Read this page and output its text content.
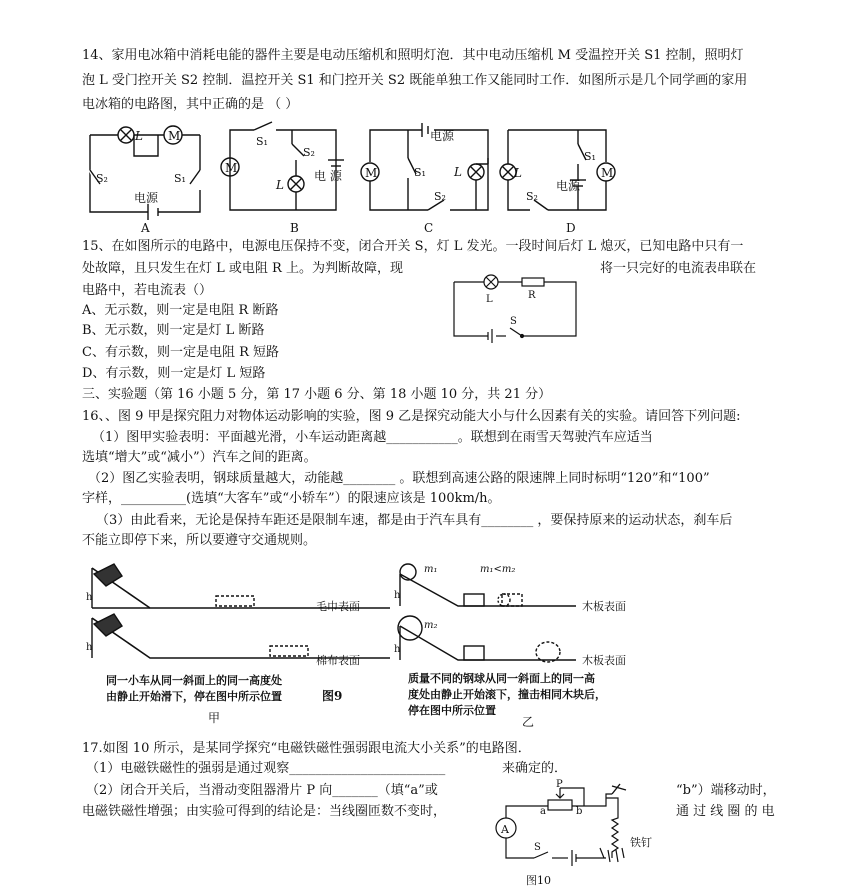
14、家用电冰箱中消耗电能的器件主要是电动压缩机和照明灯泡．其中电动压缩机 M 受温控开关 S1 控制，照明灯
泡 L 受门控开关 S2 控制．温控开关 S1 和门控开关 S2 既能单独工作又能同时工作．如图所示是几个同学画的家用
电冰箱的电路图，其中正确的是 （ ）
L M
S₂	S₁
电源
A
M
S₁
S₂
L
电 源
B
M
电源
S₁ L
S₂
C
L	M
S₁
电源
S₂
D
15、在如图所示的电路中，电源电压保持不变，闭合开关 S，灯 L 发光。一段时间后灯 L 熄灭，已知电路中只有一
处故障，且只发生在灯 L 或电阻 R 上。为判断故障，现	将一只完好的电流表串联在
电路中，若电流表（）
A、无示数，则一定是电阻 R 断路
B、无示数，则一定是灯 L 断路
C、有示数，则一定是电阻 R 短路
D、有示数，则一定是灯 L 短路
L	R
S
三、实验题（第 16 小题 5 分，第 17 小题 6 分、第 18 小题 10 分，共 21 分）
16、、图 9 甲是探究阻力对物体运动影响的实验，图 9 乙是探究动能大小与什么因素有关的实验。请回答下列问题:
（1）图甲实验表明：平面越光滑，小车运动距离越___________。联想到在雨雪天驾驶汽车应适当
选填“增大”或“减小”）汽车之间的距离。
（2）图乙实验表明，钢球质量越大，动能越________ 。联想到高速公路的限速牌上同时标明“120”和“100”
字样，__________(选填“大客车”或“小轿车”）的限速应该是 100km/h。
（3）由此看来，无论是保持车距还是限制车速，都是由于汽车具有________ ，要保持原来的运动状态，刹车后
不能立即停下来，所以要遵守交通规则。
h
毛巾表面
h
棉布表面
h
m₁	m₁<m₂
木板表面
h
m₂
木板表面
同一小车从同一斜面上的同一高度处
由静止开始滑下，停在图中所示位置	图9
甲
质量不同的钢球从同一斜面上的同一高
度处由静止开始滚下，撞击相同木块后，
停在图中所示位置
乙
17.如图 10 所示，是某同学探究“电磁铁磁性强弱跟电流大小关系”的电路图．
（1）电磁铁磁性的强弱是通过观察________________________	来确定的．
（2）闭合开关后，当滑动变阻器滑片 P 向_______（填“a”或	“b”）端移动时，
电磁铁磁性增强；由实验可得到的结论是：当线圈匝数不变时，	通 过 线 圈 的 电
A
P
a	b
S	铁钉
图10
